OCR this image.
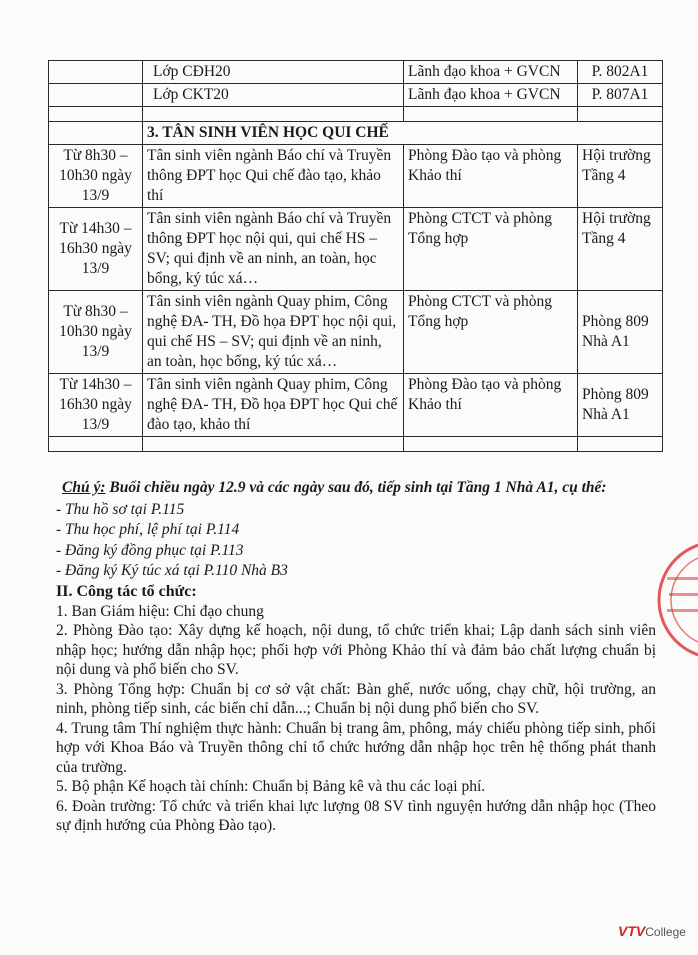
	Lớp CĐH20	Lãnh đạo khoa + GVCN	P. 802A1
	Lớp CKT20	Lãnh đạo khoa + GVCN	P. 807A1

	3. TÂN SINH VIÊN HỌC QUI CHẾ		
Từ 8h30 – 10h30 ngày 13/9	Tân sinh viên ngành Báo chí và Truyền thông ĐPT học Qui chế đào tạo, khảo thí	Phòng Đào tạo và phòng Khảo thí	Hội trường Tầng 4
Từ 14h30 – 16h30 ngày 13/9	Tân sinh viên ngành Báo chí và Truyền thông ĐPT học nội qui, qui chế HS – SV; qui định về an ninh, an toàn, học bổng, ký túc xá…	Phòng CTCT và phòng Tổng hợp	Hội trường Tầng 4
Từ 8h30 – 10h30 ngày 13/9	Tân sinh viên ngành Quay phim, Công nghệ ĐA- TH, Đồ họa ĐPT học nội qui, qui chế HS – SV; qui định về an ninh, an toàn, học bổng, ký túc xá…	Phòng CTCT và phòng Tổng hợp	Phòng 809 Nhà A1
Từ 14h30 – 16h30 ngày 13/9	Tân sinh viên ngành Quay phim, Công nghệ ĐA- TH, Đồ họa ĐPT học Qui chế đào tạo, khảo thí	Phòng Đào tạo và phòng Khảo thí	Phòng 809 Nhà A1

Chú ý: Buổi chiều ngày 12.9 và các ngày sau đó, tiếp sinh tại Tầng 1 Nhà A1, cụ thể:

- Thu hồ sơ tại P.115
- Thu học phí, lệ phí tại P.114
- Đăng ký đồng phục tại P.113
- Đăng ký Ký túc xá tại P.110 Nhà B3
II. Công tác tổ chức:

1. Ban Giám hiệu: Chỉ đạo chung

2. Phòng Đào tạo: Xây dựng kế hoạch, nội dung, tổ chức triển khai; Lập danh sách sinh viên nhập học; hướng dẫn nhập học; phối hợp với Phòng Khảo thí và đảm bảo chất lượng chuẩn bị nội dung và phổ biến cho SV.

3. Phòng Tổng hợp: Chuẩn bị cơ sở vật chất: Bàn ghế, nước uống, chạy chữ, hội trường, an ninh, phòng tiếp sinh, các biển chỉ dẫn...; Chuẩn bị nội dung phổ biến cho SV.

4. Trung tâm Thí nghiệm thực hành: Chuẩn bị trang âm, phông, máy chiếu phòng tiếp sinh, phối hợp với Khoa Báo và Truyền thông chỉ tổ chức hướng dẫn nhập học trên hệ thống phát thanh của trường.

5. Bộ phận Kế hoạch tài chính: Chuẩn bị Bảng kê và thu các loại phí.

6. Đoàn trường: Tổ chức và triển khai lực lượng 08 SV tình nguyện hướng dẫn nhập học (Theo sự định hướng của Phòng Đào tạo).

VTVCollege
